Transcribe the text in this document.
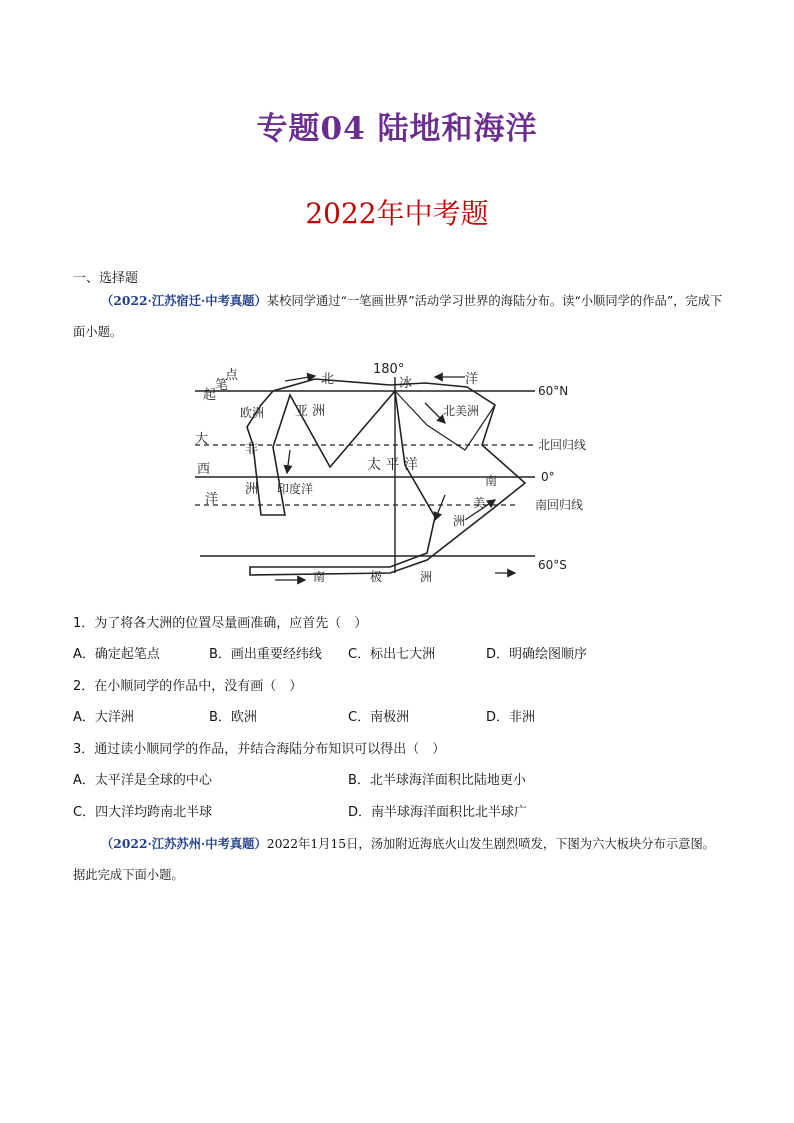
专题04 陆地和海洋
2022年中考题
一、选择题
（2022·江苏宿迁·中考真题）某校同学通过“一笔画世界”活动学习世界的海陆分布。读“小顺同学的作品”，完成下面小题。
180°
60°N
北回归线
0°
南回归线
60°S
北	冰	洋
起
笔
点
大
西
洋
欧洲 亚 洲
非
洲 印度洋
太 平 洋
北美洲
南
美
洲
南	极	洲
1．为了将各大洲的位置尽量画准确，应首先（　）
A．确定起笔点	B．画出重要经纬线 C．标出七大洲	D．明确绘图顺序
2．在小顺同学的作品中，没有画（　）
A．大洋洲	B．欧洲	C．南极洲	D．非洲
3．通过读小顺同学的作品，并结合海陆分布知识可以得出（　）
A．太平洋是全球的中心	B．北半球海洋面积比陆地更小
C．四大洋均跨南北半球	D．南半球海洋面积比北半球广
（2022·江苏苏州·中考真题）2022年1月15日，汤加附近海底火山发生剧烈喷发，下图为六大板块分布示意图。据此完成下面小题。
